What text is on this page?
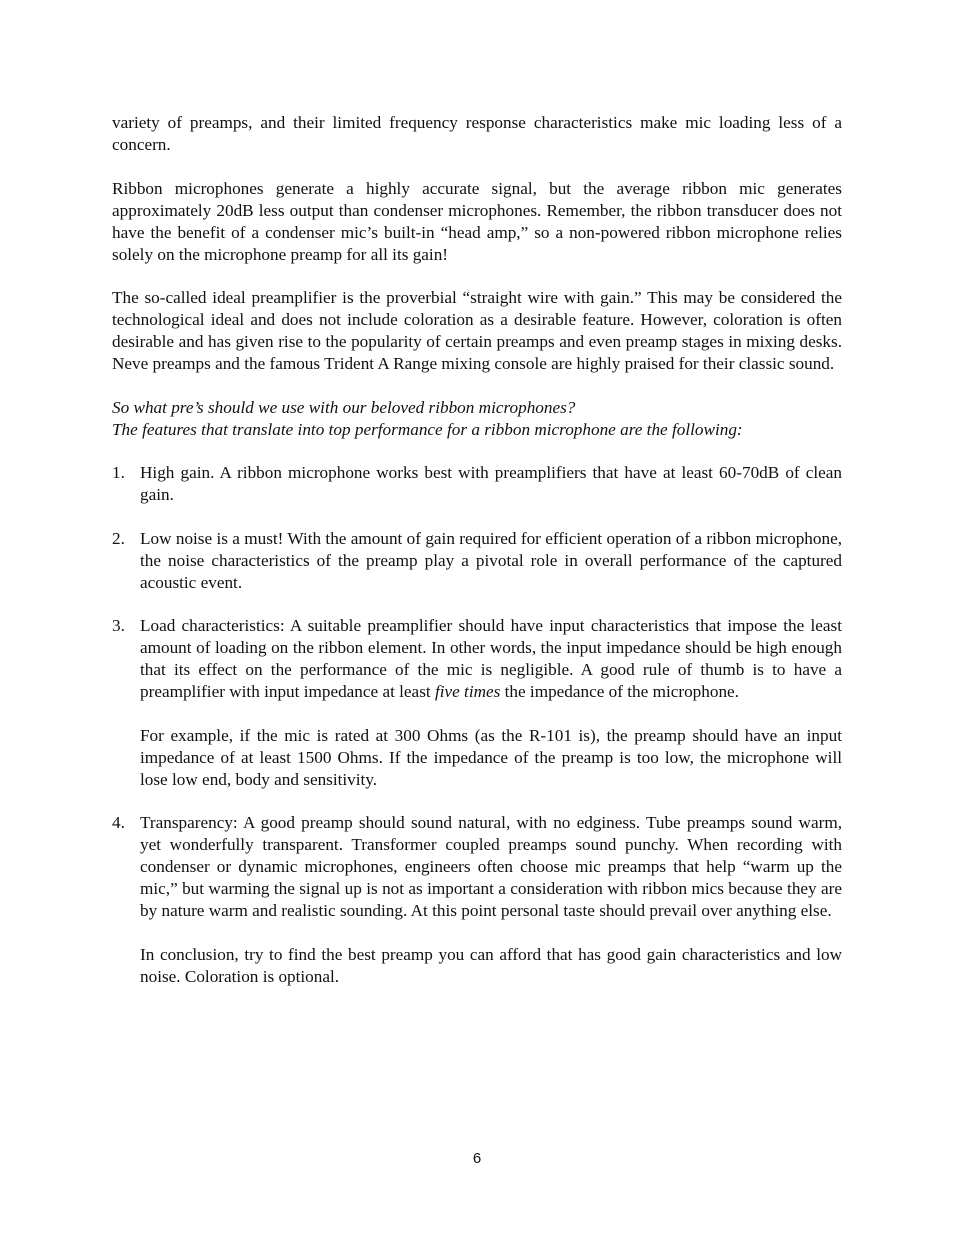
variety of preamps, and their limited frequency response characteristics make mic loading less of a concern.

Ribbon microphones generate a highly accurate signal, but the average ribbon mic generates approximately 20dB less output than condenser microphones. Remember, the ribbon transducer does not have the benefit of a condenser mic’s built-in “head amp,” so a non-powered ribbon microphone relies solely on the microphone preamp for all its gain!

The so-called ideal preamplifier is the proverbial “straight wire with gain.” This may be considered the technological ideal and does not include coloration as a desirable feature. However, coloration is often desirable and has given rise to the popularity of certain preamps and even preamp stages in mixing desks. Neve preamps and the famous Trident A Range mixing console are highly praised for their classic sound.

So what pre’s should we use with our beloved ribbon microphones?
The features that translate into top performance for a ribbon microphone are the following:
1. High gain. A ribbon microphone works best with preamplifiers that have at least 60-70dB of clean gain.

2. Low noise is a must! With the amount of gain required for efficient operation of a ribbon microphone, the noise characteristics of the preamp play a pivotal role in overall performance of the captured acoustic event.

3. Load characteristics: A suitable preamplifier should have input characteristics that impose the least amount of loading on the ribbon element. In other words, the input impedance should be high enough that its effect on the performance of the mic is negligible. A good rule of thumb is to have a preamplifier with input impedance at least five times the impedance of the microphone.

For example, if the mic is rated at 300 Ohms (as the R-101 is), the preamp should have an input impedance of at least 1500 Ohms. If the impedance of the preamp is too low, the microphone will lose low end, body and sensitivity.

4. Transparency: A good preamp should sound natural, with no edginess. Tube preamps sound warm, yet wonderfully transparent. Transformer coupled preamps sound punchy. When recording with condenser or dynamic microphones, engineers often choose mic preamps that help “warm up the mic,” but warming the signal up is not as important a consideration with ribbon mics because they are by nature warm and realistic sounding. At this point personal taste should prevail over anything else.

In conclusion, try to find the best preamp you can afford that has good gain characteristics and low noise. Coloration is optional.

6
